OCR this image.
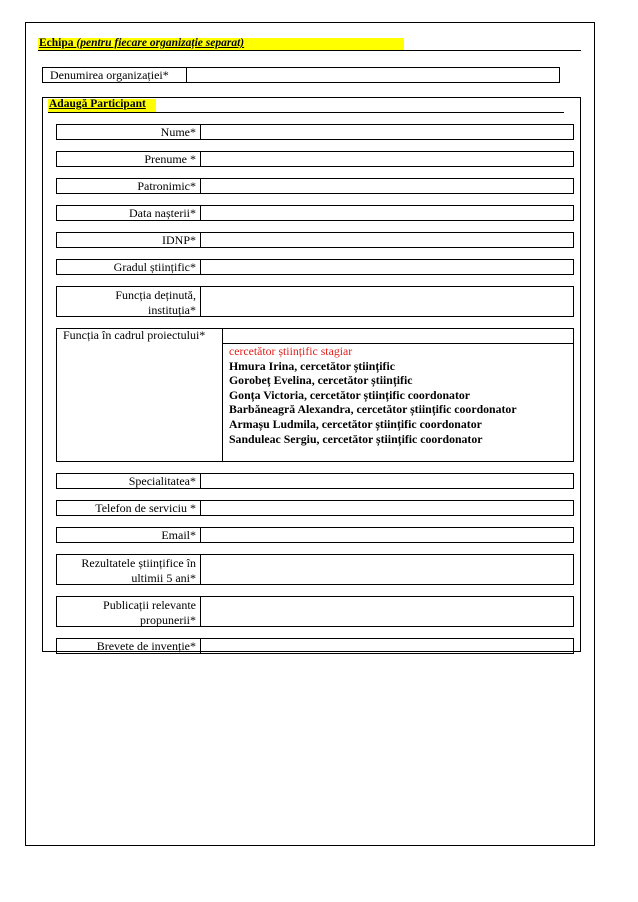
Echipa (pentru fiecare organizație separat)
Denumirea organizației*
Adaugă Participant
Nume*
Prenume *
Patronimic*
Data nașterii*
IDNP*
Gradul științific*
Funcția deținută,
instituția*
Funcția în cadrul proiectului*
cercetător științific stagiar
Hmura Irina, cercetător științific
Gorobeț Evelina, cercetător științific
Gonța Victoria, cercetător științific coordonator
Barbăneagră Alexandra, cercetător științific coordonator
Armașu Ludmila, cercetător științific coordonator
Sanduleac Sergiu, cercetător științific coordonator
Specialitatea*
Telefon de serviciu *
Email*
Rezultatele științifice în
ultimii 5 ani*
Publicații relevante
propunerii*
Brevete de invenție*
